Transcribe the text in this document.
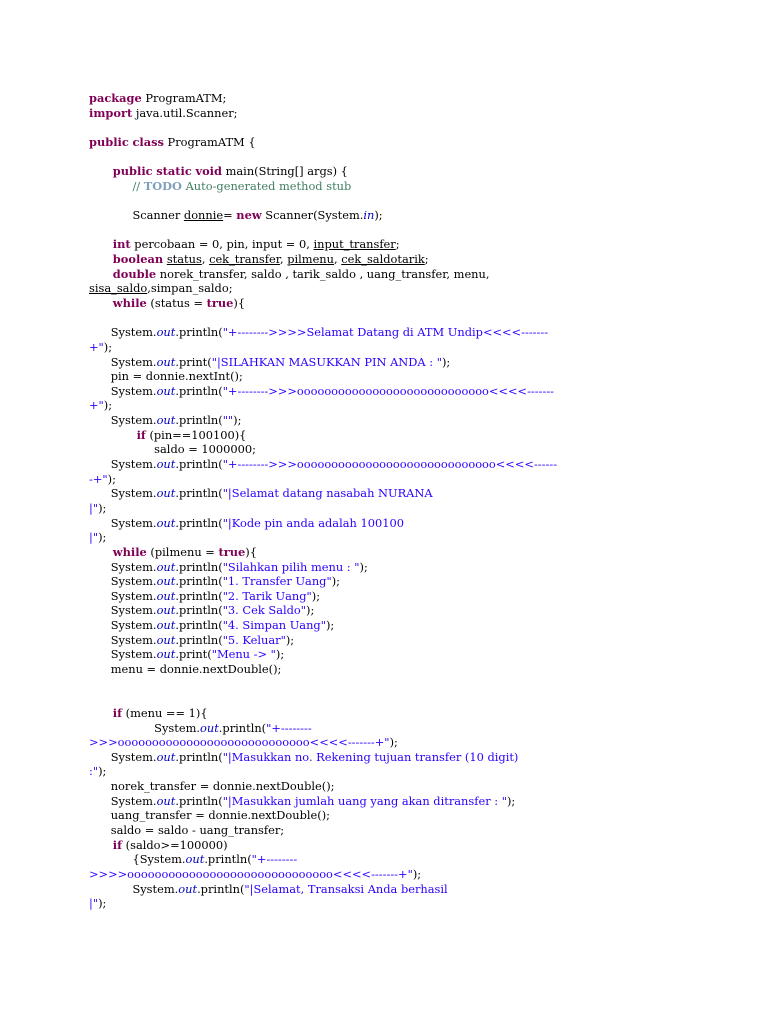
package ProgramATM;
import java.util.Scanner;
public class ProgramATM {
public static void main(String[] args) {
// TODO Auto-generated method stub
Scanner donnie= new Scanner(System.in);
int percobaan = 0, pin, input = 0, input_transfer;
boolean status, cek_transfer, pilmenu, cek_saldotarik;
double norek_transfer, saldo , tarik_saldo , uang_transfer, menu,
sisa_saldo,simpan_saldo;
while (status = true){
System.out.println("+-------->>>>Selamat Datang di ATM Undip<<<<-------
+");
System.out.print("|SILAHKAN MASUKKAN PIN ANDA : ");
pin = donnie.nextInt();
System.out.println("+-------->>>oooooooooooooooooooooooooooo<<<<-------
+");
System.out.println("");
if (pin==100100){
saldo = 1000000;
System.out.println("+-------->>>ooooooooooooooooooooooooooooo<<<<------
-+");
System.out.println("|Selamat datang nasabah NURANA
|");
System.out.println("|Kode pin anda adalah 100100
|");
while (pilmenu = true){
System.out.println("Silahkan pilih menu : ");
System.out.println("1. Transfer Uang");
System.out.println("2. Tarik Uang");
System.out.println("3. Cek Saldo");
System.out.println("4. Simpan Uang");
System.out.println("5. Keluar");
System.out.print("Menu -> ");
menu = donnie.nextDouble();
if (menu == 1){
System.out.println("+--------
>>>oooooooooooooooooooooooooooo<<<<-------+");
System.out.println("|Masukkan no. Rekening tujuan transfer (10 digit)
:");
norek_transfer = donnie.nextDouble();
System.out.println("|Masukkan jumlah uang yang akan ditransfer : ");
uang_transfer = donnie.nextDouble();
saldo = saldo - uang_transfer;
if (saldo>=100000)
{System.out.println("+--------
>>>>oooooooooooooooooooooooooooooo<<<<-------+");
System.out.println("|Selamat, Transaksi Anda berhasil
|");
